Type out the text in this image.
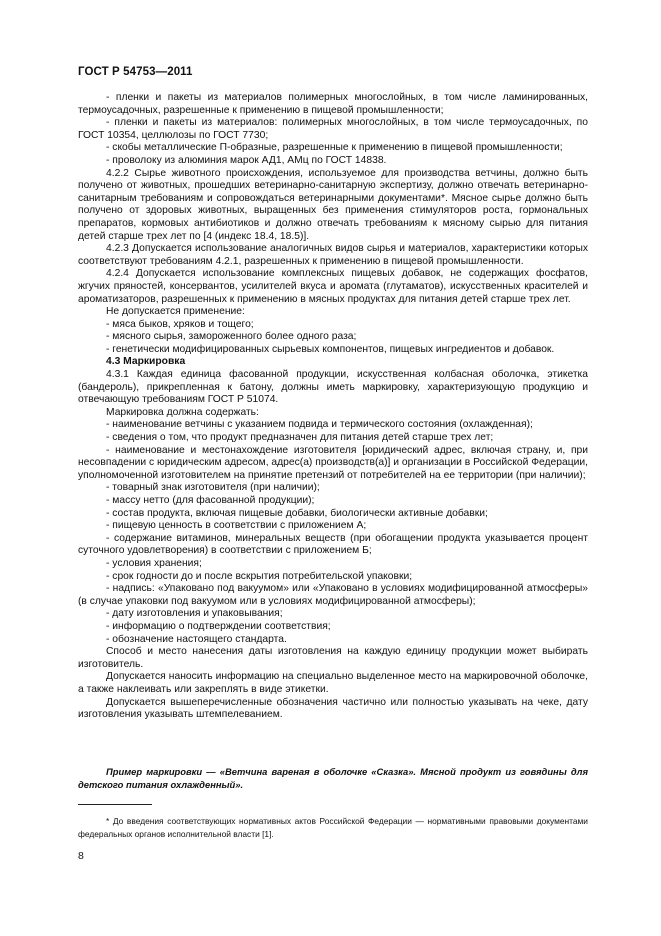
ГОСТ Р 54753—2011

- пленки и пакеты из материалов полимерных многослойных, в том числе ламинированных, термоусадочных, разрешенные к применению в пищевой промышленности;

- пленки и пакеты из материалов: полимерных многослойных, в том числе термоусадочных, по ГОСТ 10354, целлюлозы по ГОСТ 7730;

- скобы металлические П-образные, разрешенные к применению в пищевой промышленности;

- проволоку из алюминия марок АД1, АМц по ГОСТ 14838.

4.2.2 Сырье животного происхождения, используемое для производства ветчины, должно быть получено от животных, прошедших ветеринарно-санитарную экспертизу, должно отвечать ветеринарно-санитарным требованиям и сопровождаться ветеринарными документами*. Мясное сырье должно быть получено от здоровых животных, выращенных без применения стимуляторов роста, гормональных препаратов, кормовых антибиотиков и должно отвечать требованиям к мясному сырью для питания детей старше трех лет по [4 (индекс 18.4, 18.5)].

4.2.3 Допускается использование аналогичных видов сырья и материалов, характеристики которых соответствуют требованиям 4.2.1, разрешенных к применению в пищевой промышленности.

4.2.4 Допускается использование комплексных пищевых добавок, не содержащих фосфатов, жгучих пряностей, консервантов, усилителей вкуса и аромата (глутаматов), искусственных красителей и ароматизаторов, разрешенных к применению в мясных продуктах для питания детей старше трех лет.

Не допускается применение:

- мяса быков, хряков и тощего;

- мясного сырья, замороженного более одного раза;

- генетически модифицированных сырьевых компонентов, пищевых ингредиентов и добавок.

4.3 Маркировка

4.3.1 Каждая единица фасованной продукции, искусственная колбасная оболочка, этикетка (бандероль), прикрепленная к батону, должны иметь маркировку, характеризующую продукцию и отвечающую требованиям ГОСТ Р 51074.

Маркировка должна содержать:

- наименование ветчины с указанием подвида и термического состояния (охлажденная);

- сведения о том, что продукт предназначен для питания детей старше трех лет;

- наименование и местонахождение изготовителя [юридический адрес, включая страну, и, при несовпадении с юридическим адресом, адрес(а) производств(а)] и организации в Российской Федерации, уполномоченной изготовителем на принятие претензий от потребителей на ее территории (при наличии);

- товарный знак изготовителя (при наличии);

- массу нетто (для фасованной продукции);

- состав продукта, включая пищевые добавки, биологически активные добавки;

- пищевую ценность в соответствии с приложением А;

- содержание витаминов, минеральных веществ (при обогащении продукта указывается процент суточного удовлетворения) в соответствии с приложением Б;

- условия хранения;

- срок годности до и после вскрытия потребительской упаковки;

- надпись: «Упаковано под вакуумом» или «Упаковано в условиях модифицированной атмосферы» (в случае упаковки под вакуумом или в условиях модифицированной атмосферы);

- дату изготовления и упаковывания;

- информацию о подтверждении соответствия;

- обозначение настоящего стандарта.

Способ и место нанесения даты изготовления на каждую единицу продукции может выбирать изготовитель.

Допускается наносить информацию на специально выделенное место на маркировочной оболочке, а также наклеивать или закреплять в виде этикетки.

Допускается вышеперечисленные обозначения частично или полностью указывать на чеке, дату изготовления указывать штемпелеванием.

Пример маркировки — «Ветчина вареная в оболочке «Сказка». Мясной продукт из говядины для детского питания охлажденный».
* До введения соответствующих нормативных актов Российской Федерации — нормативными правовыми документами федеральных органов исполнительной власти [1].
8
